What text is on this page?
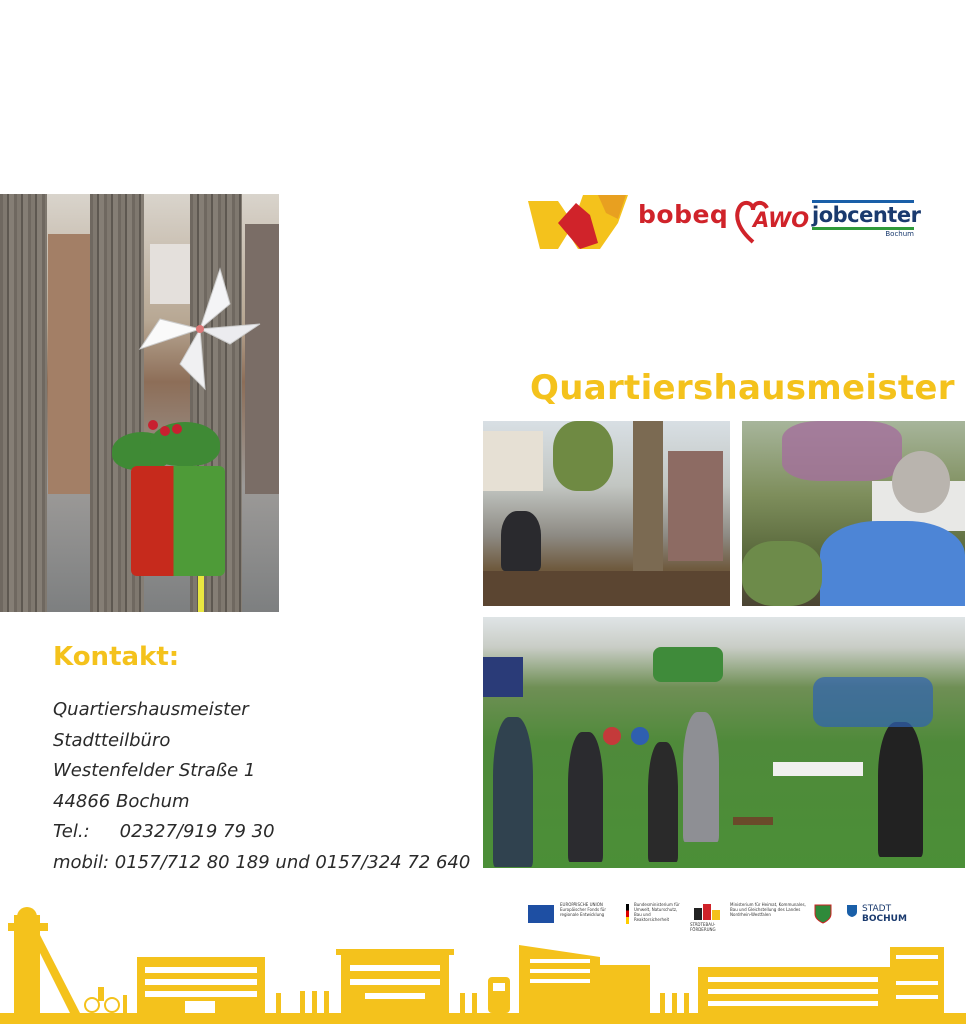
bobeq AWO jobcenter
Bochum
Quartiershausmeister
Kontakt:
Quartiershausmeister
Stadtteilbüro
Westenfelder Straße 1
44866 Bochum
Tel.: 02327/919 79 30
mobil: 0157/712 80 189 und 0157/324 72 640
EUROPÄISCHE UNION
Europäischer Fonds für regionale Entwicklung
Bundesministerium für Umwelt, Naturschutz, Bau und Reaktorsicherheit
STÄDTEBAU-FÖRDERUNG
Ministerium für Heimat, Kommunales, Bau und Gleichstellung des Landes Nordrhein-Westfalen
STADT
BOCHUM
